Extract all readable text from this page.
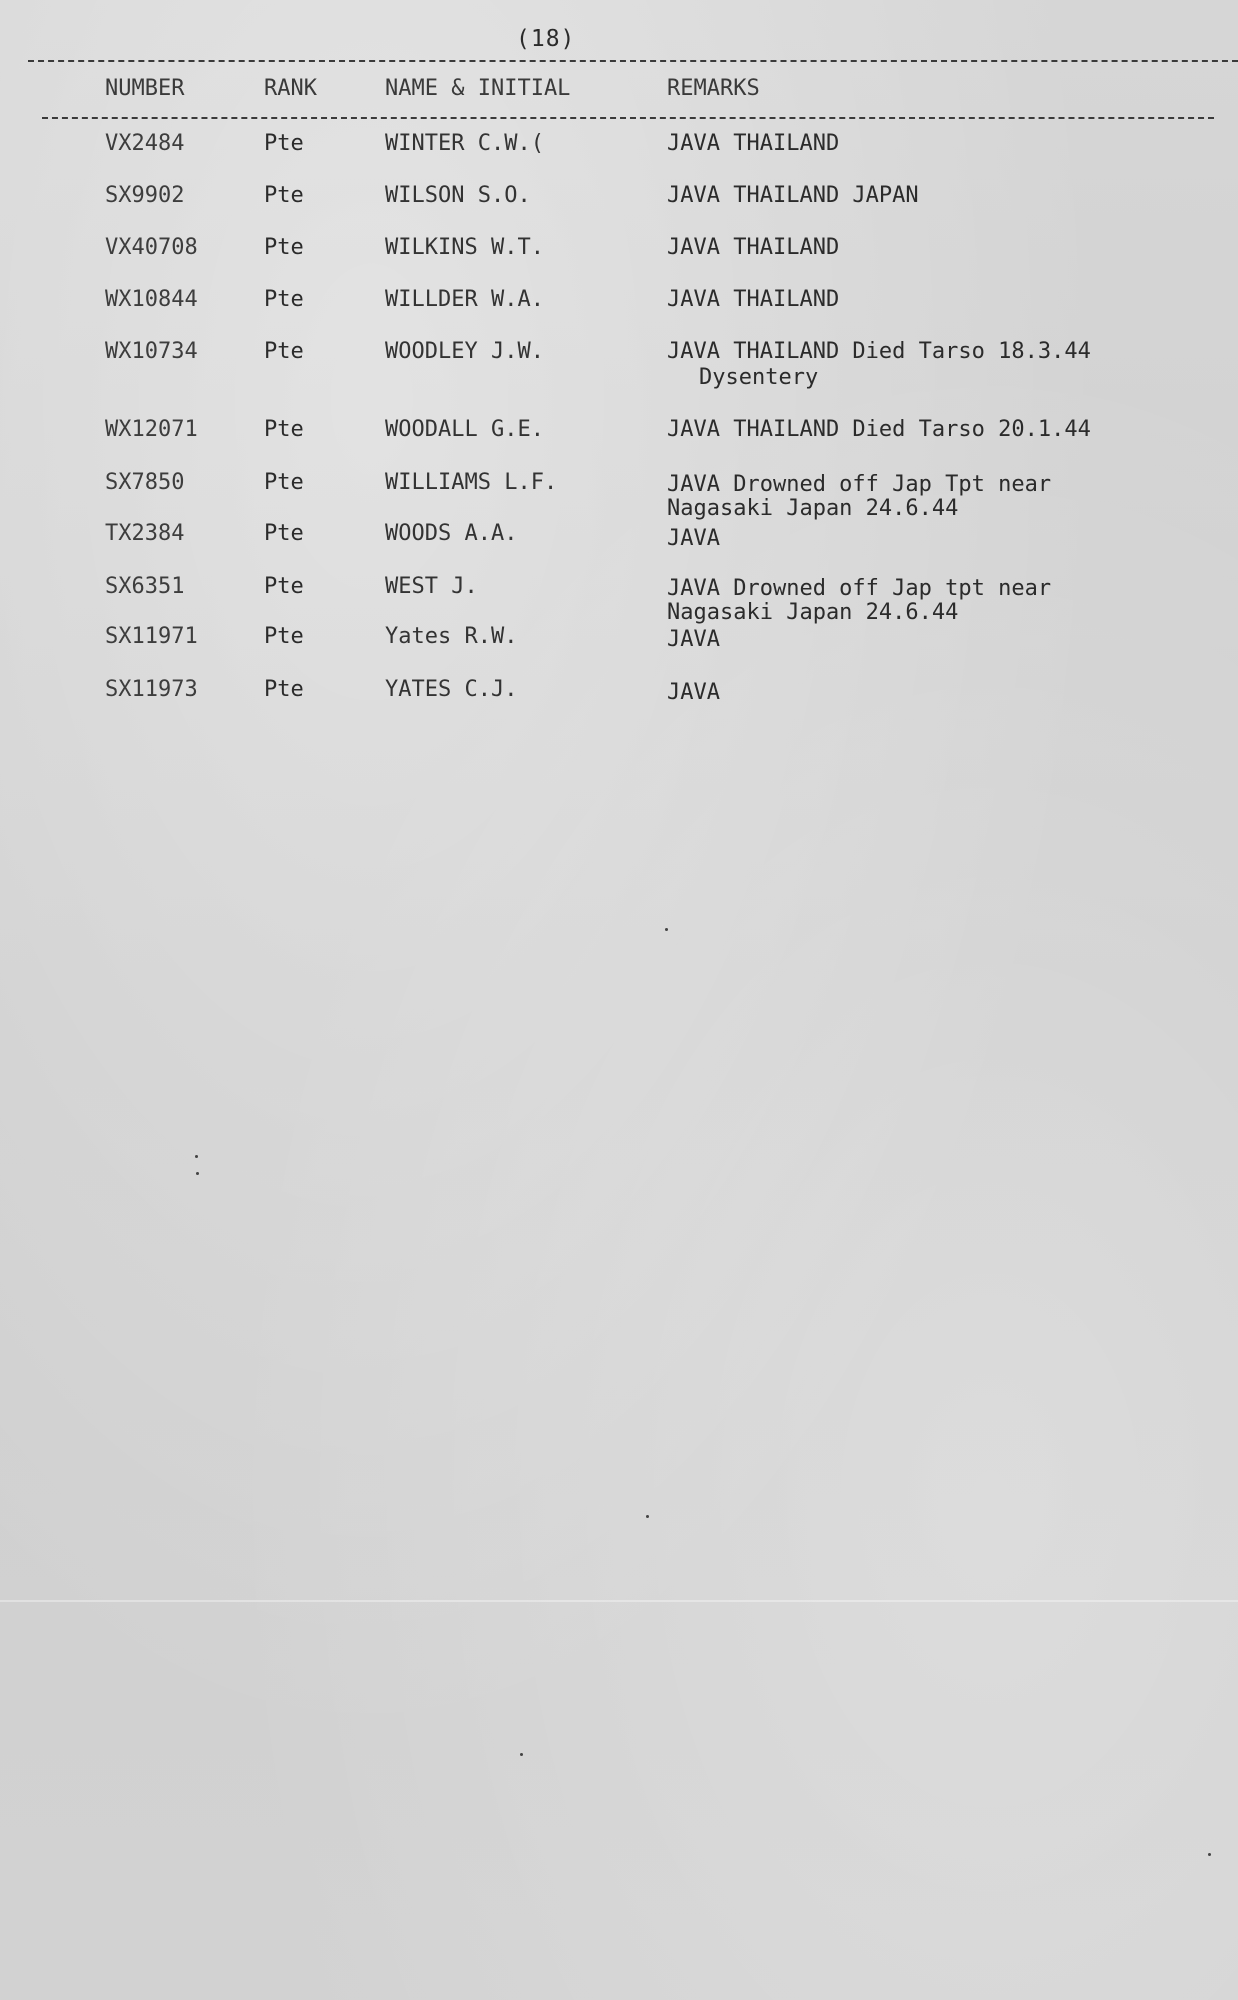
(18)
NUMBER	RANK	NAME & INITIAL	REMARKS
VX2484	Pte	WINTER C.W.(	JAVA THAILAND
SX9902	Pte	WILSON S.O.	JAVA THAILAND JAPAN
VX40708	Pte	WILKINS W.T.	JAVA THAILAND
WX10844	Pte	WILLDER W.A.	JAVA THAILAND
WX10734	Pte	WOODLEY J.W.	JAVA THAILAND Died Tarso 18.3.44
Dysentery
WX12071	Pte	WOODALL G.E.	JAVA THAILAND Died Tarso 20.1.44
SX7850	Pte	WILLIAMS L.F.	JAVA Drowned off Jap Tpt near
Nagasaki Japan 24.6.44
TX2384	Pte	WOODS A.A.	JAVA
SX6351	Pte	WEST J.	JAVA Drowned off Jap tpt near
Nagasaki Japan 24.6.44
SX11971	Pte	Yates R.W.	JAVA
SX11973	Pte	YATES C.J.	JAVA
